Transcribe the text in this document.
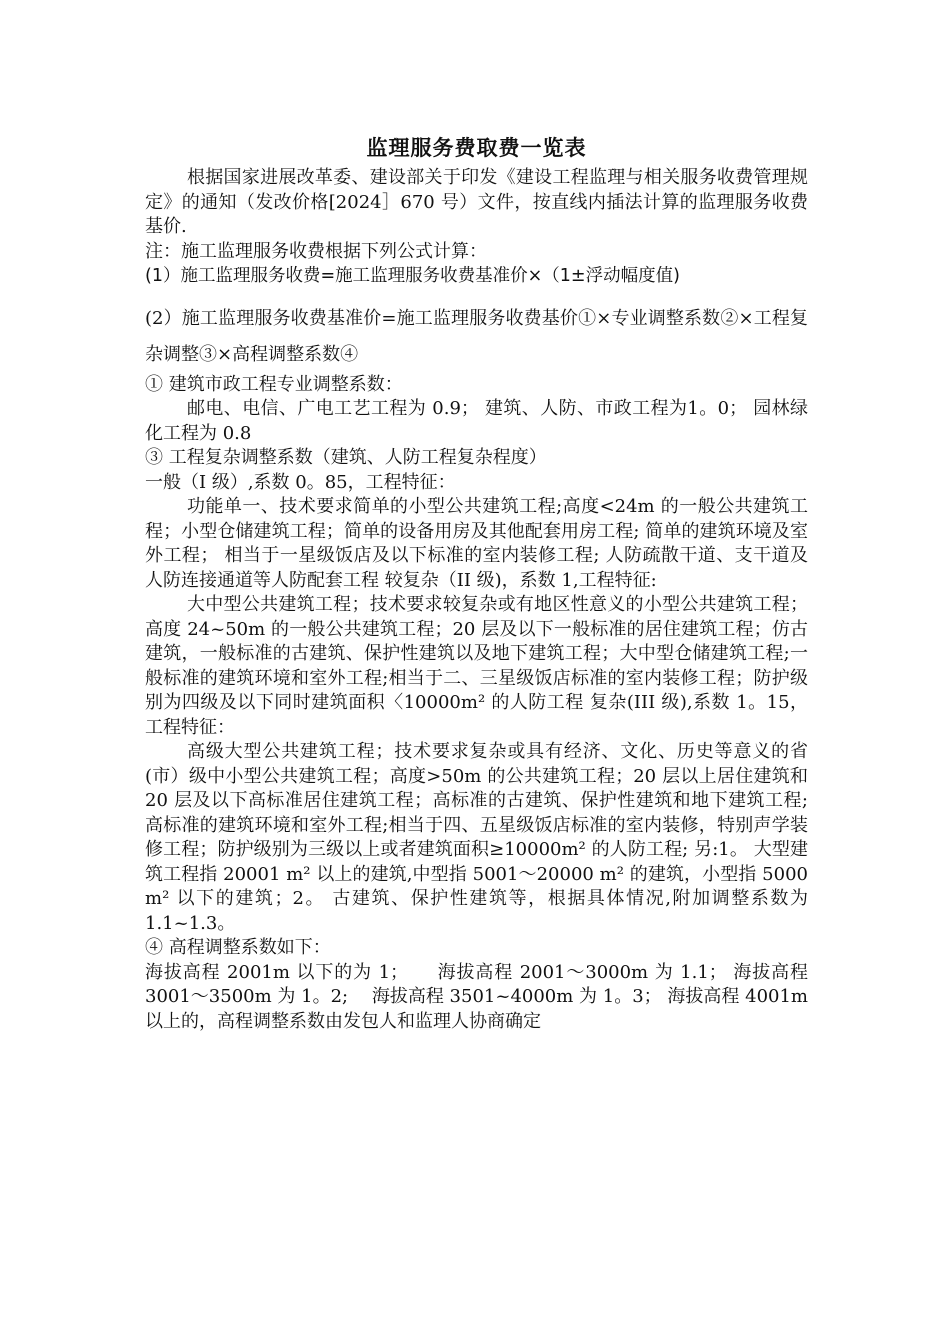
监理服务费取费一览表

根据国家进展改革委、建设部关于印发《建设工程监理与相关服务收费管理规定》的通知（发改价格[2024］670 号）文件，按直线内插法计算的监理服务收费基价.

注：施工监理服务收费根据下列公式计算：

(1）施工监理服务收费=施工监理服务收费基准价×（1±浮动幅度值)

(2）施工监理服务收费基准价=施工监理服务收费基价①×专业调整系数②×工程复杂调整③×高程调整系数④

① 建筑市政工程专业调整系数：

邮电、电信、广电工艺工程为 0.9； 建筑、人防、市政工程为1。0； 园林绿化工程为 0.8

③ 工程复杂调整系数（建筑、人防工程复杂程度）

一般（I 级）,系数 0。85，工程特征：

功能单一、技术要求简单的小型公共建筑工程;高度<24m 的一般公共建筑工程；小型仓储建筑工程；简单的设备用房及其他配套用房工程; 简单的建筑环境及室外工程； 相当于一星级饭店及以下标准的室内装修工程; 人防疏散干道、支干道及人防连接通道等人防配套工程 较复杂（II 级)，系数 1,工程特征:

大中型公共建筑工程；技术要求较复杂或有地区性意义的小型公共建筑工程；高度 24~50m 的一般公共建筑工程；20 层及以下一般标准的居住建筑工程；仿古建筑，一般标准的古建筑、保护性建筑以及地下建筑工程；大中型仓储建筑工程;一般标准的建筑环境和室外工程;相当于二、三星级饭店标准的室内装修工程；防护级别为四级及以下同时建筑面积〈10000m² 的人防工程 复杂(III 级),系数 1。15，工程特征：

高级大型公共建筑工程；技术要求复杂或具有经济、文化、历史等意义的省(市）级中小型公共建筑工程；高度>50m 的公共建筑工程；20 层以上居住建筑和 20 层及以下高标准居住建筑工程；高标准的古建筑、保护性建筑和地下建筑工程;高标准的建筑环境和室外工程;相当于四、五星级饭店标准的室内装修，特别声学装修工程；防护级别为三级以上或者建筑面积≥10000m² 的人防工程; 另:1。 大型建筑工程指 20001 m² 以上的建筑,中型指 5001～20000 m² 的建筑，小型指 5000 m² 以下的建筑；2。 古建筑、保护性建筑等，根据具体情况,附加调整系数为 1.1~1.3。

④ 高程调整系数如下：

海拔高程 2001m 以下的为 1；　　海拔高程 2001～3000m 为 1.1； 海拔高程 3001～3500m 为 1。2;　 海拔高程 3501~4000m 为 1。3； 海拔高程 4001m 以上的，高程调整系数由发包人和监理人协商确定
